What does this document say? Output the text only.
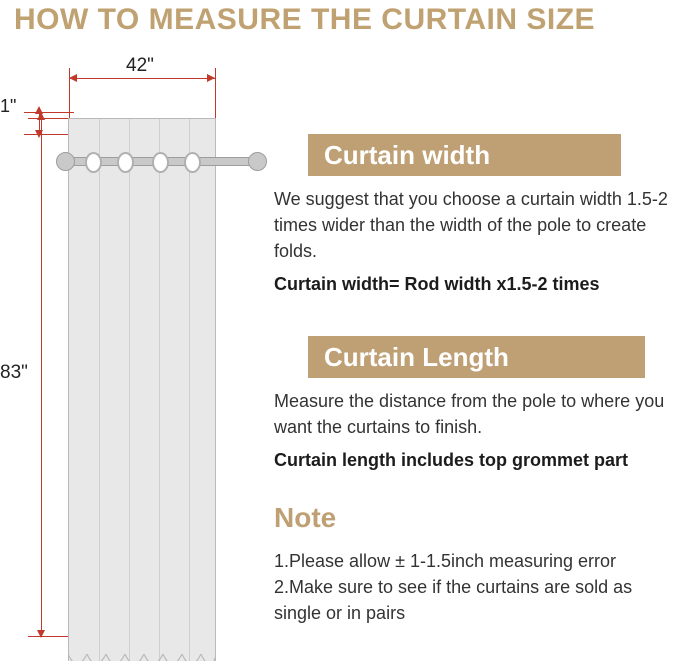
HOW TO MEASURE THE CURTAIN SIZE
42"
1"
83"
Curtain width
We suggest that you choose a curtain width 1.5-2 times wider than the width of the pole to create folds.
Curtain width= Rod width x1.5-2 times
Curtain Length
Measure the distance from the pole to where you want the curtains to finish.
Curtain length includes top grommet part
Note
1.Please allow ± 1-1.5inch measuring error
2.Make sure to see if the curtains are sold as single or in pairs
